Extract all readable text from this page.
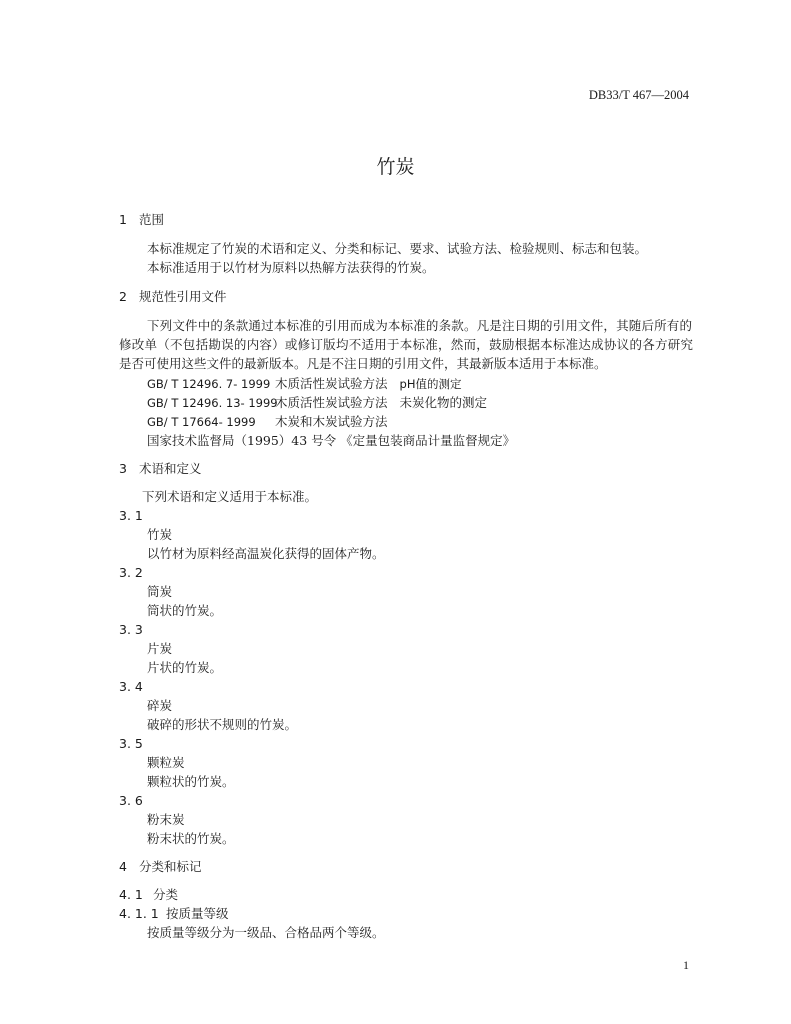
DB33/T 467—2004
竹炭
1 范围
本标准规定了竹炭的术语和定义、分类和标记、要求、试验方法、检验规则、标志和包装。
本标准适用于以竹材为原料以热解方法获得的竹炭。
2 规范性引用文件
下列文件中的条款通过本标准的引用而成为本标准的条款。凡是注日期的引用文件，其随后所有的
修改单（不包括勘误的内容）或修订版均不适用于本标准，然而，鼓励根据本标准达成协议的各方研究
是否可使用这些文件的最新版本。凡是不注日期的引用文件，其最新版本适用于本标准。
GB/ T 12496. 7- 1999 木质活性炭试验方法 pH值的测定
GB/ T 12496. 13- 1999木质活性炭试验方法 未炭化物的测定
GB/ T 17664- 1999 木炭和木炭试验方法
国家技术监督局（1995）43 号令 《定量包装商品计量监督规定》
3 术语和定义
下列术语和定义适用于本标准。
3. 1
竹炭
以竹材为原料经高温炭化获得的固体产物。
3. 2
筒炭
筒状的竹炭。
3. 3
片炭
片状的竹炭。
3. 4
碎炭
破碎的形状不规则的竹炭。
3. 5
颗粒炭
颗粒状的竹炭。
3. 6
粉末炭
粉末状的竹炭。
4 分类和标记
4. 1 分类
4. 1. 1 按质量等级
按质量等级分为一级品、合格品两个等级。
1
